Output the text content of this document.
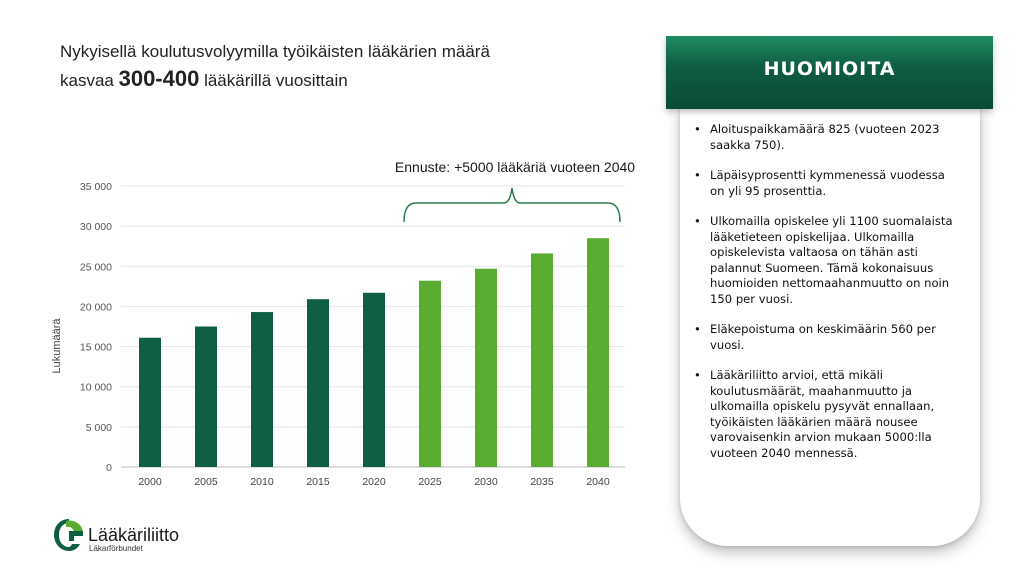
Nykyisellä koulutusvolyymilla työikäisten lääkärien määrä
kasvaa 300-400 lääkärillä vuosittain
0
5 000
10 000
15 000
20 000
25 000
30 000
35 000
2000	2005	2010	2015	2020	2025	2030	2035	2040
Ennuste: +5000 lääkäriä vuoteen 2040
Lukumäärä
HUOMIOITA
• Aloituspaikkamäärä 825 (vuoteen 2023 saakka 750).
• Läpäisyprosentti kymmenessä vuodessa on yli 95 prosenttia.
• Ulkomailla opiskelee yli 1100 suomalaista lääketieteen opiskelijaa. Ulkomailla opiskelevista valtaosa on tähän asti palannut Suomeen. Tämä kokonaisuus huomioiden nettomaahanmuutto on noin 150 per vuosi.
• Eläkepoistuma on keskimäärin 560 per vuosi.
• Lääkäriliitto arvioi, että mikäli koulutusmäärät, maahanmuutto ja ulkomailla opiskelu pysyvät ennallaan, työikäisten lääkärien määrä nousee varovaisenkin arvion mukaan 5000:lla vuoteen 2040 mennessä.
Lääkäriliitto
Läkarförbundet
